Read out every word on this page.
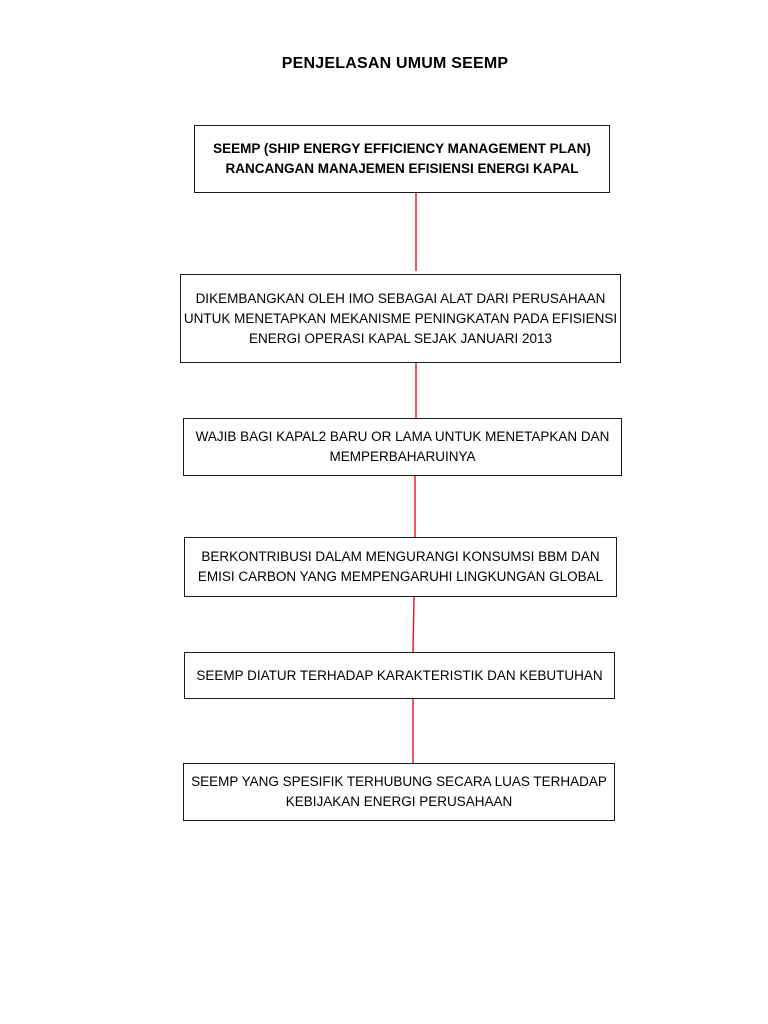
PENJELASAN UMUM SEEMP
SEEMP (SHIP ENERGY EFFICIENCY MANAGEMENT PLAN)
RANCANGAN MANAJEMEN EFISIENSI ENERGI KAPAL
DIKEMBANGKAN OLEH IMO SEBAGAI ALAT DARI PERUSAHAAN
UNTUK MENETAPKAN MEKANISME PENINGKATAN PADA EFISIENSI
ENERGI OPERASI KAPAL SEJAK JANUARI 2013
WAJIB BAGI KAPAL2 BARU OR LAMA UNTUK MENETAPKAN DAN
MEMPERBAHARUINYA
BERKONTRIBUSI DALAM MENGURANGI KONSUMSI BBM DAN
EMISI CARBON YANG MEMPENGARUHI LINGKUNGAN GLOBAL
SEEMP DIATUR TERHADAP KARAKTERISTIK DAN KEBUTUHAN
SEEMP YANG SPESIFIK TERHUBUNG SECARA LUAS TERHADAP
KEBIJAKAN ENERGI PERUSAHAAN
